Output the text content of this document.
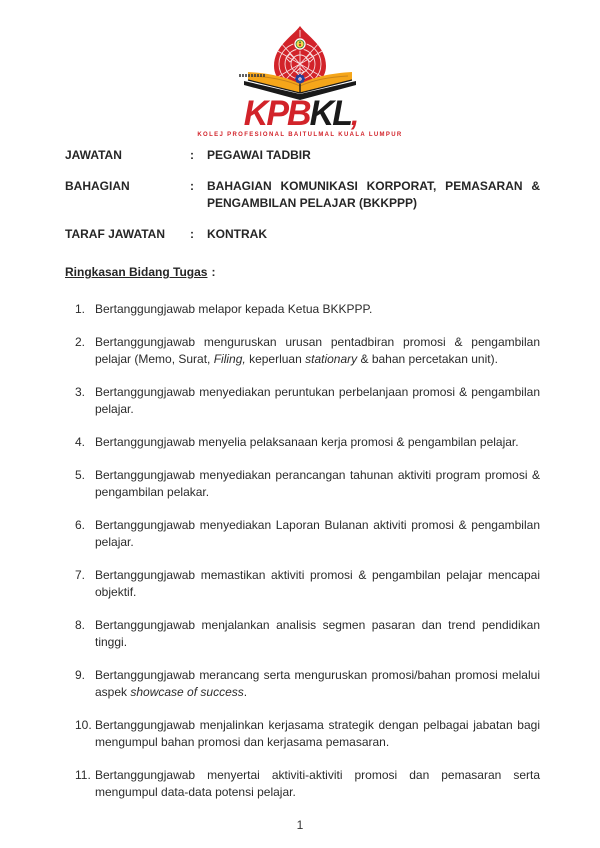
KPBKL,
KOLEJ PROFESIONAL BAITULMAL KUALA LUMPUR
JAWATAN	:	PEGAWAI TADBIR
BAHAGIAN	:	BAHAGIAN KOMUNIKASI KORPORAT, PEMASARAN & PENGAMBILAN PELAJAR (BKKPPP)
TARAF JAWATAN	:	KONTRAK
Ringkasan Bidang Tugas :
1. Bertanggungjawab melapor kepada Ketua BKKPPP.
2. Bertanggungjawab menguruskan urusan pentadbiran promosi & pengambilan pelajar (Memo, Surat, Filing, keperluan stationary & bahan percetakan unit).
3. Bertanggungjawab menyediakan peruntukan perbelanjaan promosi & pengambilan pelajar.
4. Bertanggungjawab menyelia pelaksanaan kerja promosi & pengambilan pelajar.
5. Bertanggungjawab menyediakan perancangan tahunan aktiviti program promosi & pengambilan pelakar.
6. Bertanggungjawab menyediakan Laporan Bulanan aktiviti promosi & pengambilan pelajar.
7. Bertanggungjawab memastikan aktiviti promosi & pengambilan pelajar mencapai objektif.
8. Bertanggungjawab menjalankan analisis segmen pasaran dan trend pendidikan tinggi.
9. Bertanggungjawab merancang serta menguruskan promosi/bahan promosi melalui aspek showcase of success.
10. Bertanggungjawab menjalinkan kerjasama strategik dengan pelbagai jabatan bagi mengumpul bahan promosi dan kerjasama pemasaran.
11. Bertanggungjawab menyertai aktiviti-aktiviti promosi dan pemasaran serta mengumpul data-data potensi pelajar.
1
